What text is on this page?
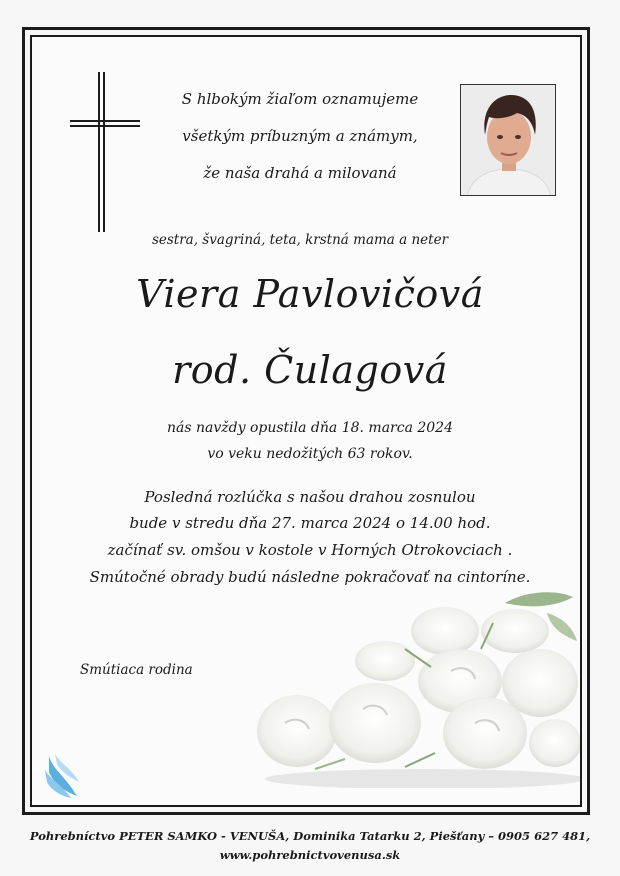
S hlbokým žiaľom oznamujeme
všetkým príbuzným a známym,
že naša drahá a milovaná
sestra, švagriná, teta, krstná mama a neter
Viera Pavlovičová
rod. Čulagová
nás navždy opustila dňa 18. marca 2024
vo veku nedožitých 63 rokov.
Posledná rozlúčka s našou drahou zosnulou
bude v stredu dňa 27. marca 2024 o 14.00 hod.
začínať sv. omšou v kostole v Horných Otrokovciach .
Smútočné obrady budú následne pokračovať na cintoríne.
Smútiaca rodina
Pohrebníctvo PETER SAMKO - VENUŠA, Dominika Tatarku 2, Piešťany – 0905 627 481,
www.pohrebnictvovenusa.sk
